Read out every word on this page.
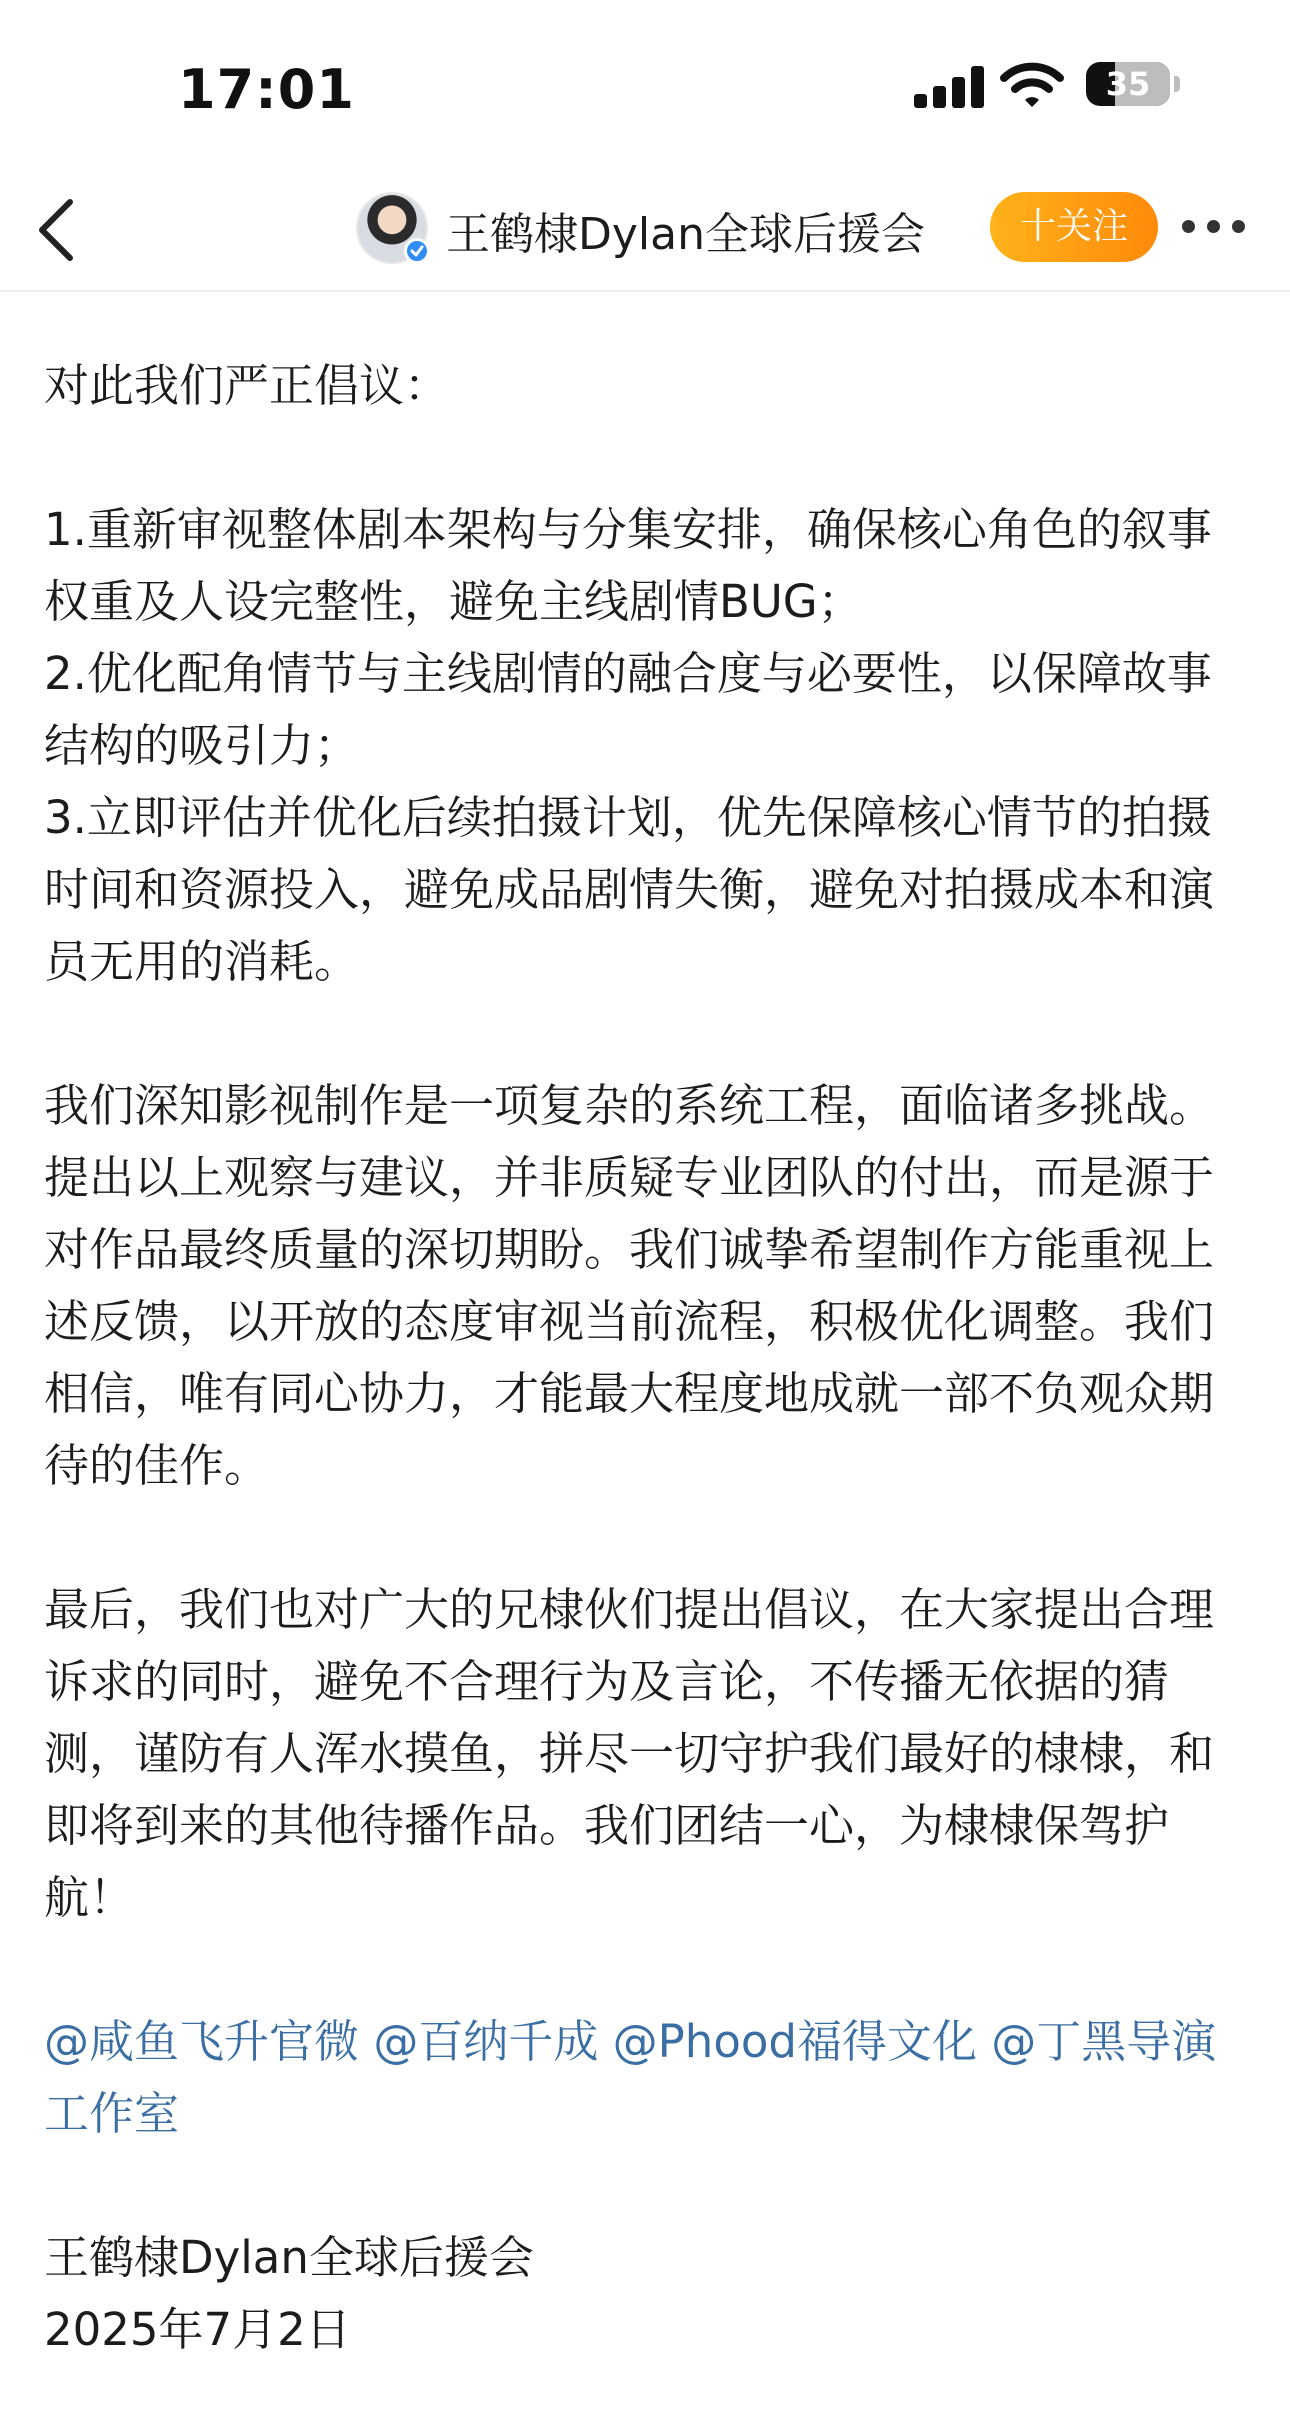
17:01	35
王鹤棣Dylan全球后援会	十关注

对此我们严正倡议：

1.重新审视整体剧本架构与分集安排，确保核心角色的叙事权重及人设完整性，避免主线剧情BUG；

2.优化配角情节与主线剧情的融合度与必要性，以保障故事结构的吸引力；

3.立即评估并优化后续拍摄计划，优先保障核心情节的拍摄时间和资源投入，避免成品剧情失衡，避免对拍摄成本和演员无用的消耗。

我们深知影视制作是一项复杂的系统工程，面临诸多挑战。提出以上观察与建议，并非质疑专业团队的付出，而是源于对作品最终质量的深切期盼。我们诚挚希望制作方能重视上述反馈，以开放的态度审视当前流程，积极优化调整。我们相信，唯有同心协力，才能最大程度地成就一部不负观众期待的佳作。

最后，我们也对广大的兄棣伙们提出倡议，在大家提出合理诉求的同时，避免不合理行为及言论，不传播无依据的猜测，谨防有人浑水摸鱼，拼尽一切守护我们最好的棣棣，和即将到来的其他待播作品。我们团结一心，为棣棣保驾护航！

@咸鱼飞升官微 @百纳千成 @Phood福得文化 @丁黑导演工作室

王鹤棣Dylan全球后援会

2025年7月2日
